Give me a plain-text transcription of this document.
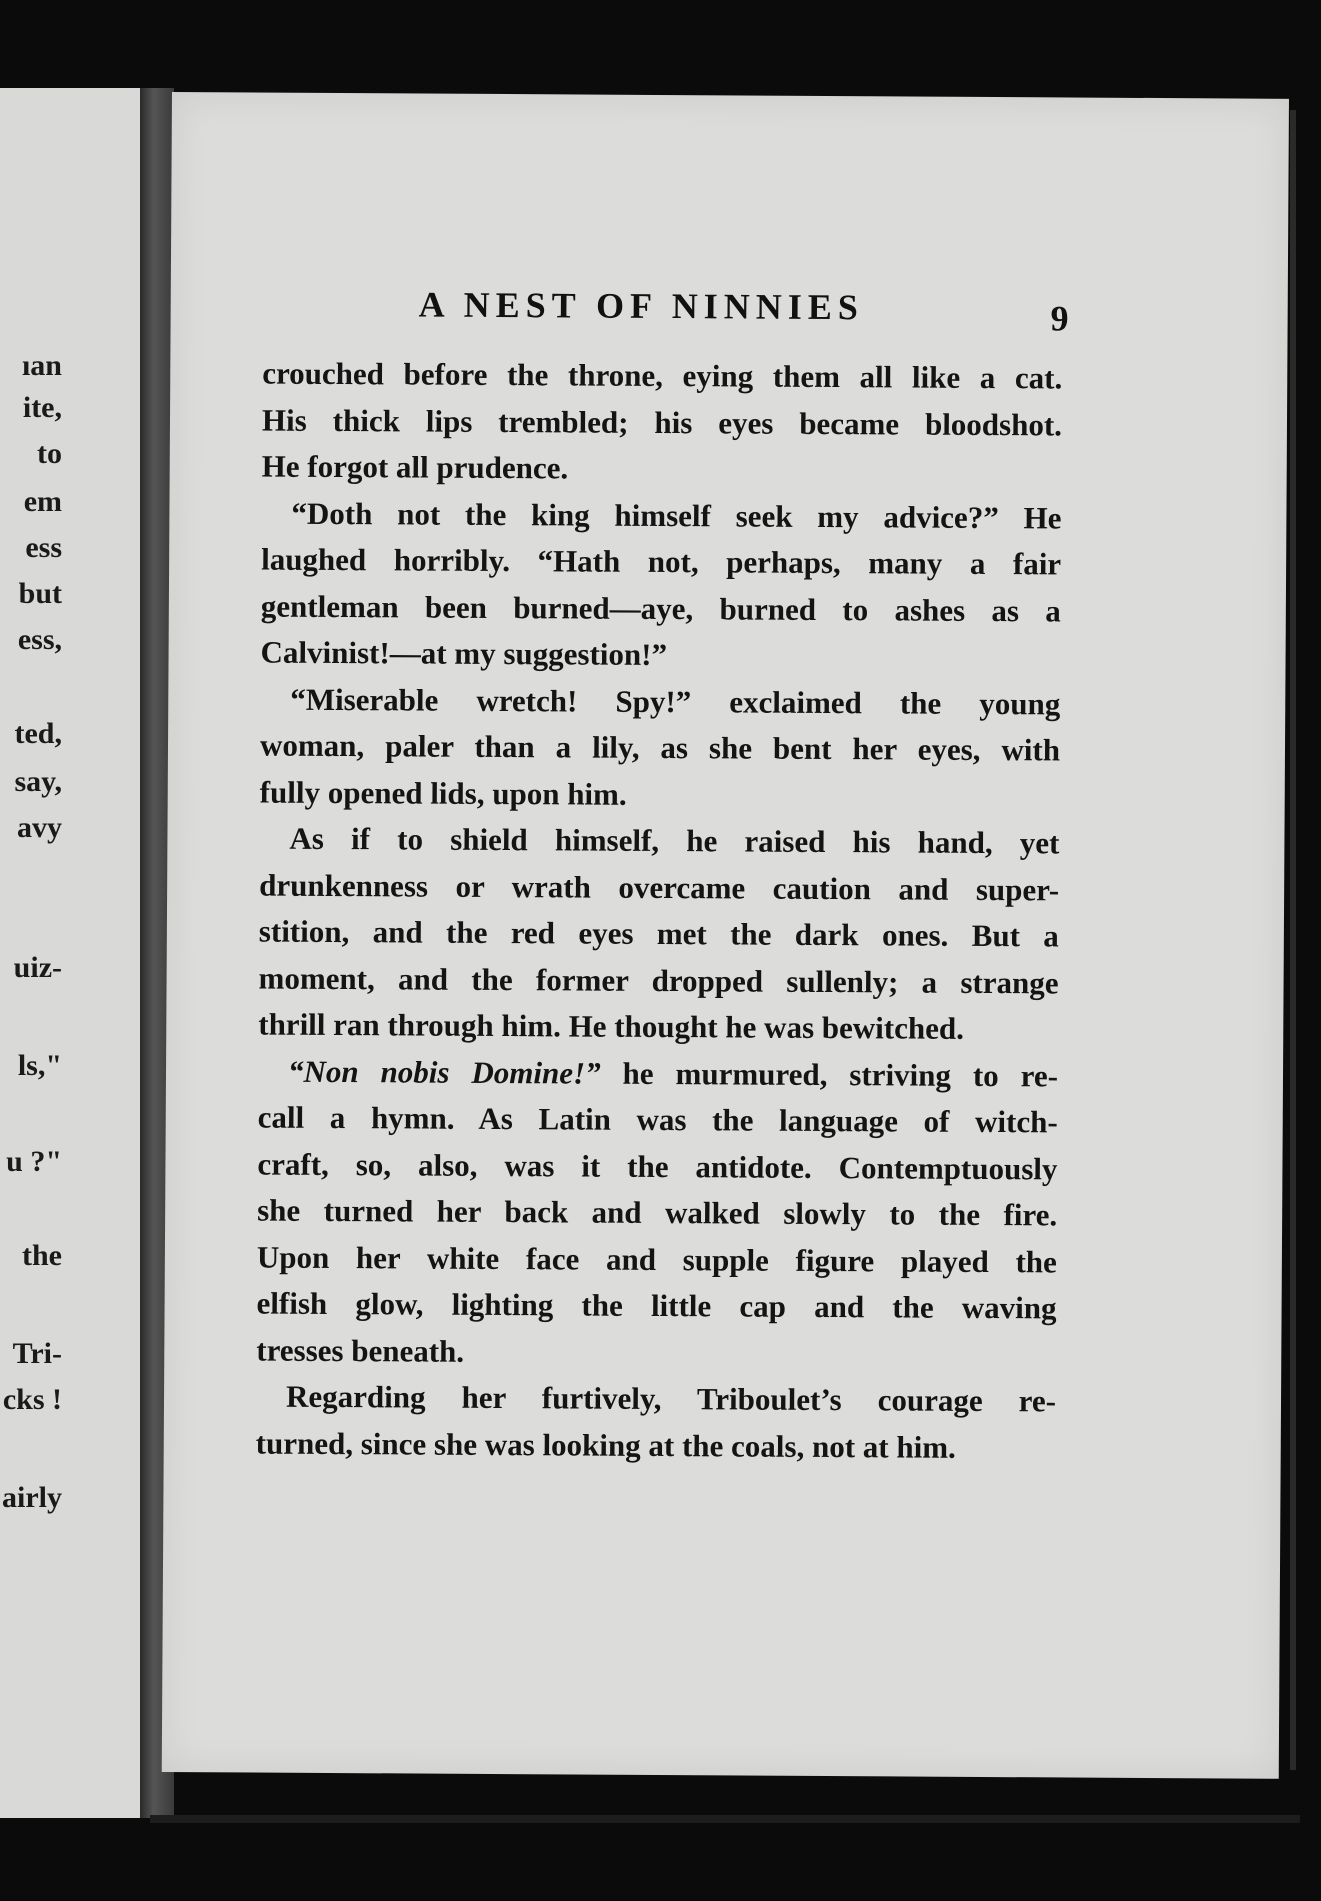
ıan
ite,
to
em
ess
but
ess,
ted,
say,
avy
uiz-
ls,"
u ?"
the
Tri-
cks !
airly
A NEST OF NINNIES	9
crouched before the throne, eying them all like a cat.
His thick lips trembled; his eyes became bloodshot.
He forgot all prudence.
“Doth not the king himself seek my advice?” He
laughed horribly. “Hath not, perhaps, many a fair
gentleman been burned—aye, burned to ashes as a
Calvinist!—at my suggestion!”
“Miserable wretch! Spy!” exclaimed the young
woman, paler than a lily, as she bent her eyes, with
fully opened lids, upon him.
As if to shield himself, he raised his hand, yet
drunkenness or wrath overcame caution and super-
stition, and the red eyes met the dark ones. But a
moment, and the former dropped sullenly; a strange
thrill ran through him. He thought he was bewitched.
“Non nobis Domine!” he murmured, striving to re-
call a hymn. As Latin was the language of witch-
craft, so, also, was it the antidote. Contemptuously
she turned her back and walked slowly to the fire.
Upon her white face and supple figure played the
elfish glow, lighting the little cap and the waving
tresses beneath.
Regarding her furtively, Triboulet’s courage re-
turned, since she was looking at the coals, not at him.
